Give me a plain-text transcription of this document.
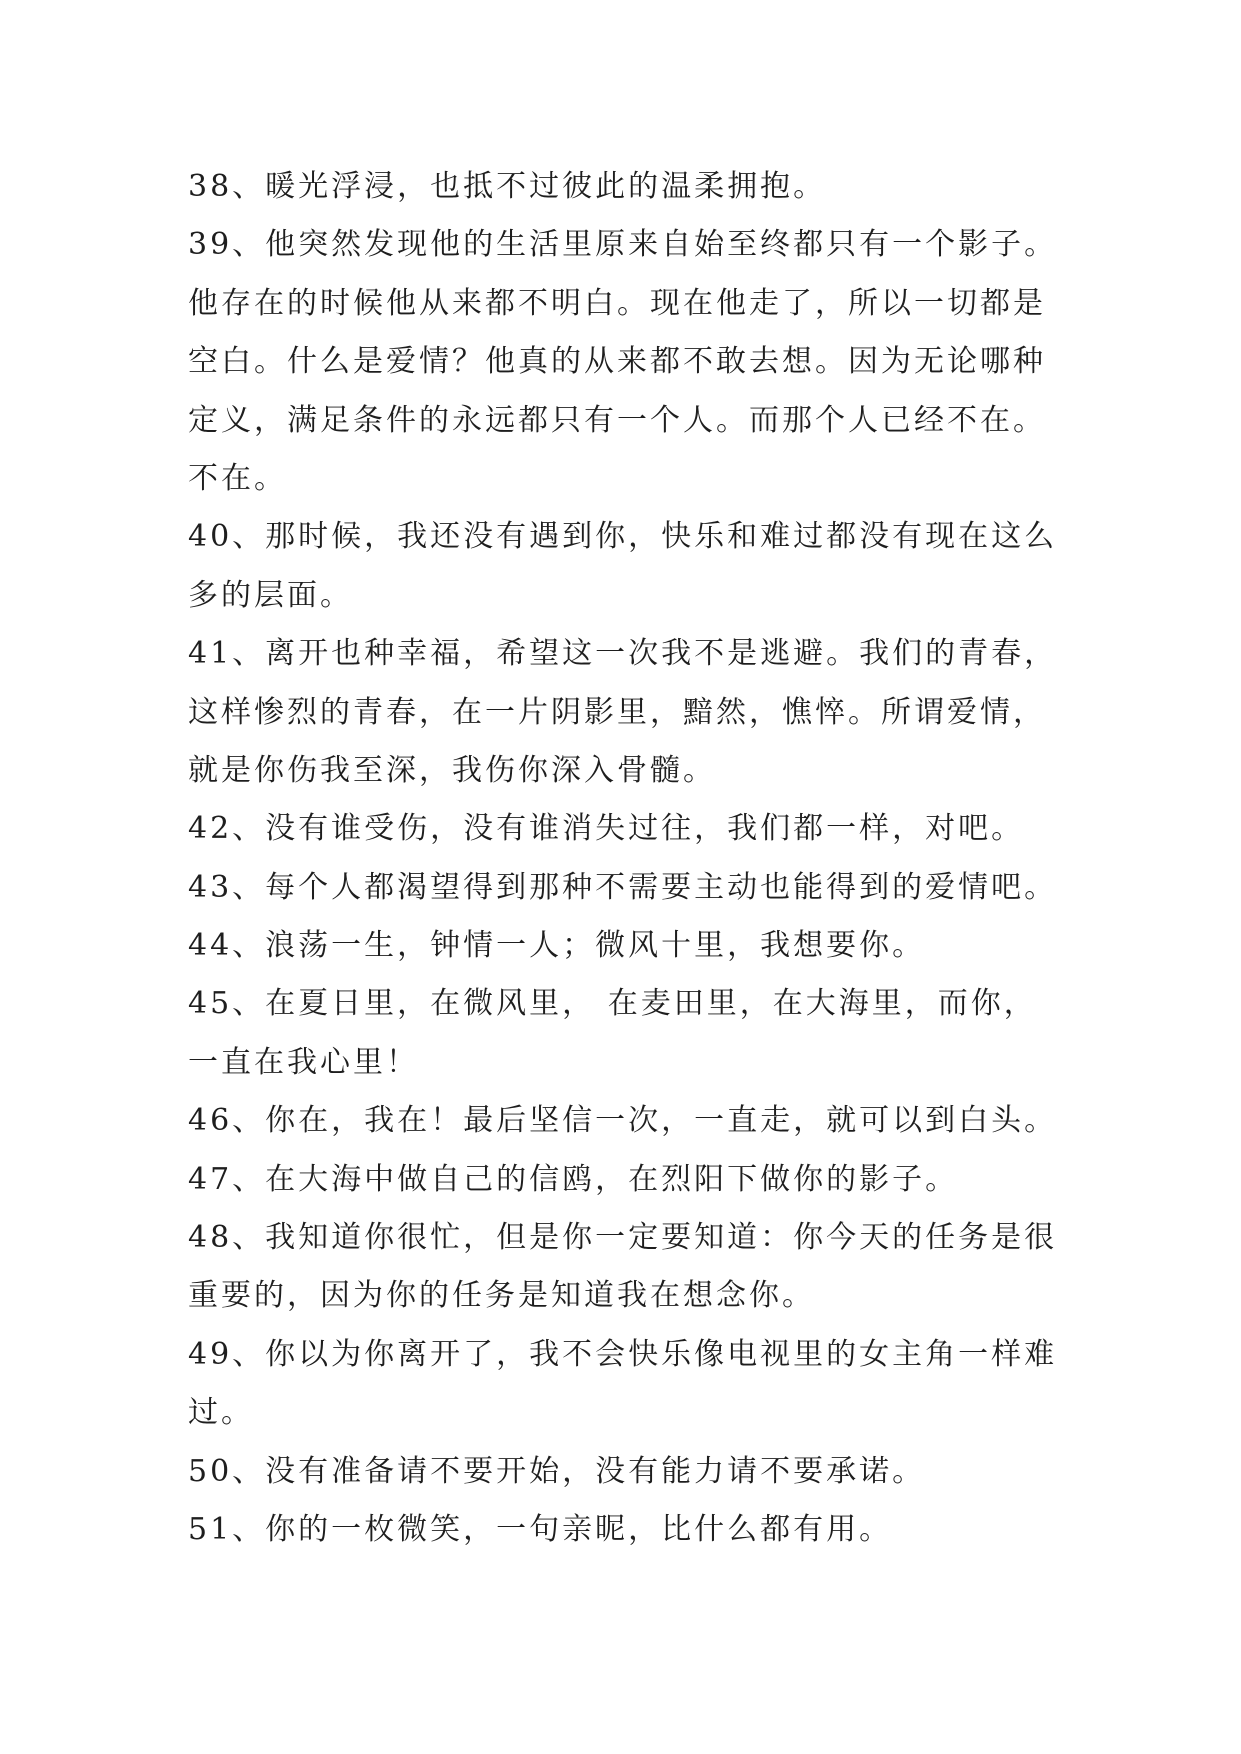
38、暖光浮浸，也抵不过彼此的温柔拥抱。
39、他突然发现他的生活里原来自始至终都只有一个影子。
他存在的时候他从来都不明白。现在他走了，所以一切都是
空白。什么是爱情？他真的从来都不敢去想。因为无论哪种
定义，满足条件的永远都只有一个人。而那个人已经不在。
不在。
40、那时候，我还没有遇到你，快乐和难过都没有现在这么
多的层面。
41、离开也种幸福，希望这一次我不是逃避。我们的青春，
这样惨烈的青春，在一片阴影里，黯然，憔悴。所谓爱情，
就是你伤我至深，我伤你深入骨髓。
42、没有谁受伤，没有谁消失过往，我们都一样，对吧。
43、每个人都渴望得到那种不需要主动也能得到的爱情吧。
44、浪荡一生，钟情一人；微风十里，我想要你。
45、在夏日里，在微风里， 在麦田里，在大海里，而你，
一直在我心里！
46、你在，我在！最后坚信一次，一直走，就可以到白头。
47、在大海中做自己的信鸥，在烈阳下做你的影子。
48、我知道你很忙，但是你一定要知道：你今天的任务是很
重要的，因为你的任务是知道我在想念你。
49、你以为你离开了，我不会快乐像电视里的女主角一样难
过。
50、没有准备请不要开始，没有能力请不要承诺。
51、你的一枚微笑，一句亲昵，比什么都有用。
